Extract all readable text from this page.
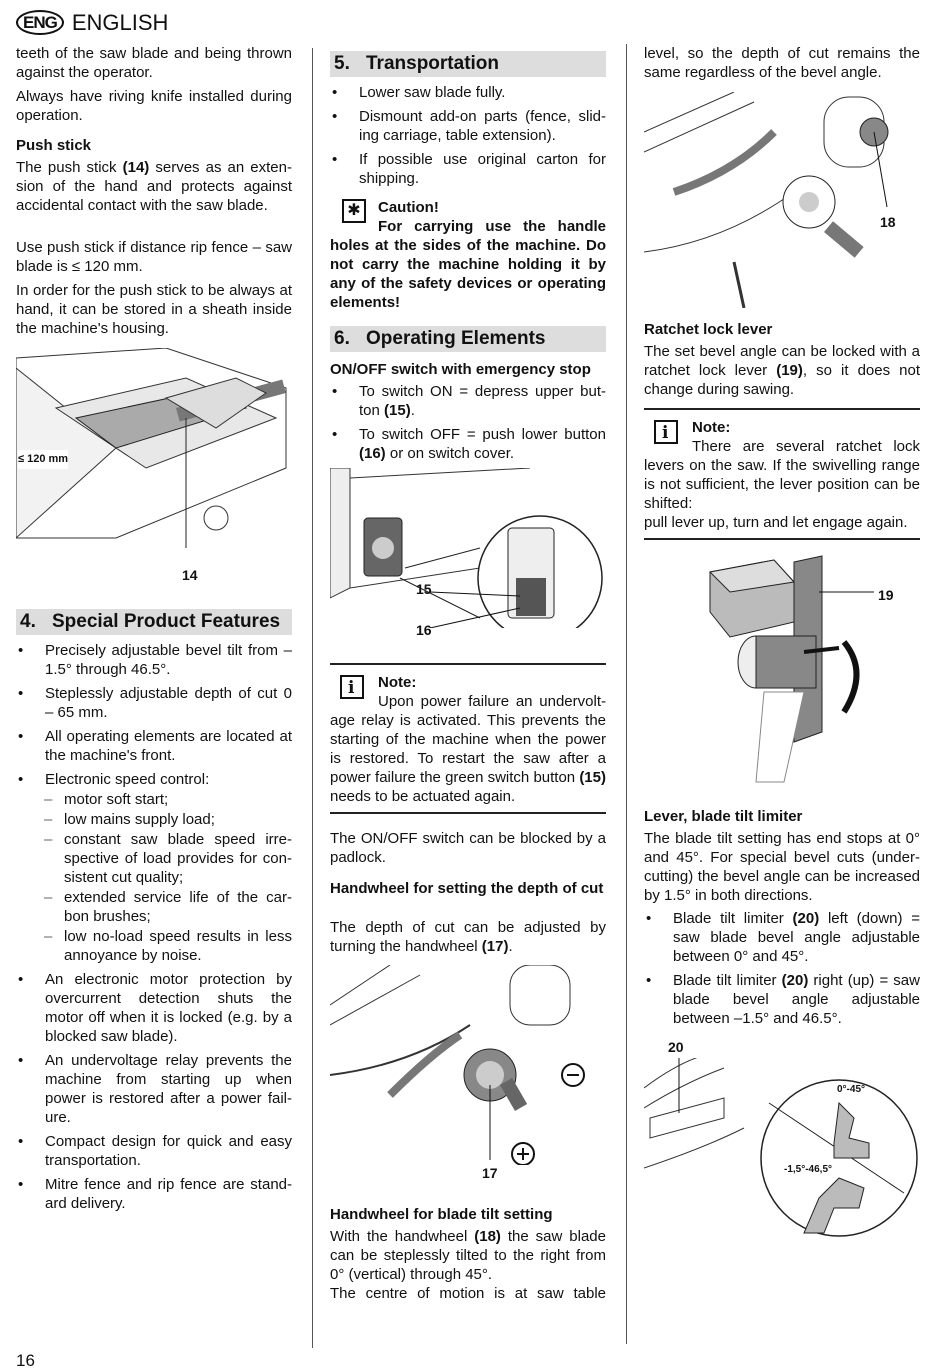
ENG ENGLISH

teeth of the saw blade and being thrown against the operator.

Always have riving knife installed during operation.

Push stick

The push stick (14) serves as an extension of the hand and protects against accidental contact with the saw blade.

Use push stick if distance rip fence – saw blade is ≤ 120 mm.

In order for the push stick to be always at hand, it can be stored in a sheath inside the machine's housing.

≤ 120 mm
14
4. Special Product Features
• Precisely adjustable bevel tilt from – 1.5° through 46.5°.
• Steplessly adjustable depth of cut 0 – 65 mm.
• All operating elements are located at the machine's front.
• Electronic speed control:
– motor soft start;
– low mains supply load;
– constant saw blade speed irrespective of load provides for consistent cut quality;
– extended service life of the carbon brushes;
– low no-load speed results in less annoyance by noise.
• An electronic motor protection by overcurrent detection shuts the motor off when it is locked (e.g. by a blocked saw blade).
• An undervoltage relay prevents the machine from starting up when power is restored after a power failure.
• Compact design for quick and easy transportation.
• Mitre fence and rip fence are standard delivery.
5. Transportation
• Lower saw blade fully.
• Dismount add-on parts (fence, sliding carriage, table extension).
• If possible use original carton for shipping.
✱	Caution!

For carrying use the handle holes at the sides of the machine. Do not carry the machine holding it by any of the safety devices or operating elements!

6. Operating Elements
ON/OFF switch with emergency stop
• To switch ON = depress upper button (15).
• To switch OFF = push lower button (16) or on switch cover.
15
16
i	Note:

Upon power failure an undervoltage relay is activated. This prevents the starting of the machine when the power is restored. To restart the saw after a power failure the green switch button (15) needs to be actuated again.

The ON/OFF switch can be blocked by a padlock.

Handwheel for setting the depth of cut

The depth of cut can be adjusted by turning the handwheel (17).

17
Handwheel for blade tilt setting

With the handwheel (18) the saw blade can be steplessly tilted to the right from 0° (vertical) through 45°.

The centre of motion is at saw table

level, so the depth of cut remains the same regardless of the bevel angle.

18
Ratchet lock lever

The set bevel angle can be locked with a ratchet lock lever (19), so it does not change during sawing.

i	Note:

There are several ratchet lock levers on the saw. If the swivelling range is not sufficient, the lever position can be shifted:

pull lever up, turn and let engage again.

19
Lever, blade tilt limiter

The blade tilt setting has end stops at 0° and 45°. For special bevel cuts (undercutting) the bevel angle can be increased by 1.5° in both directions.

• Blade tilt limiter (20) left (down) = saw blade bevel angle adjustable between 0° and 45°.
• Blade tilt limiter (20) right (up) = saw blade bevel angle adjustable between –1.5° and 46.5°.
20
0°-45°
-1,5°-46,5°
16
